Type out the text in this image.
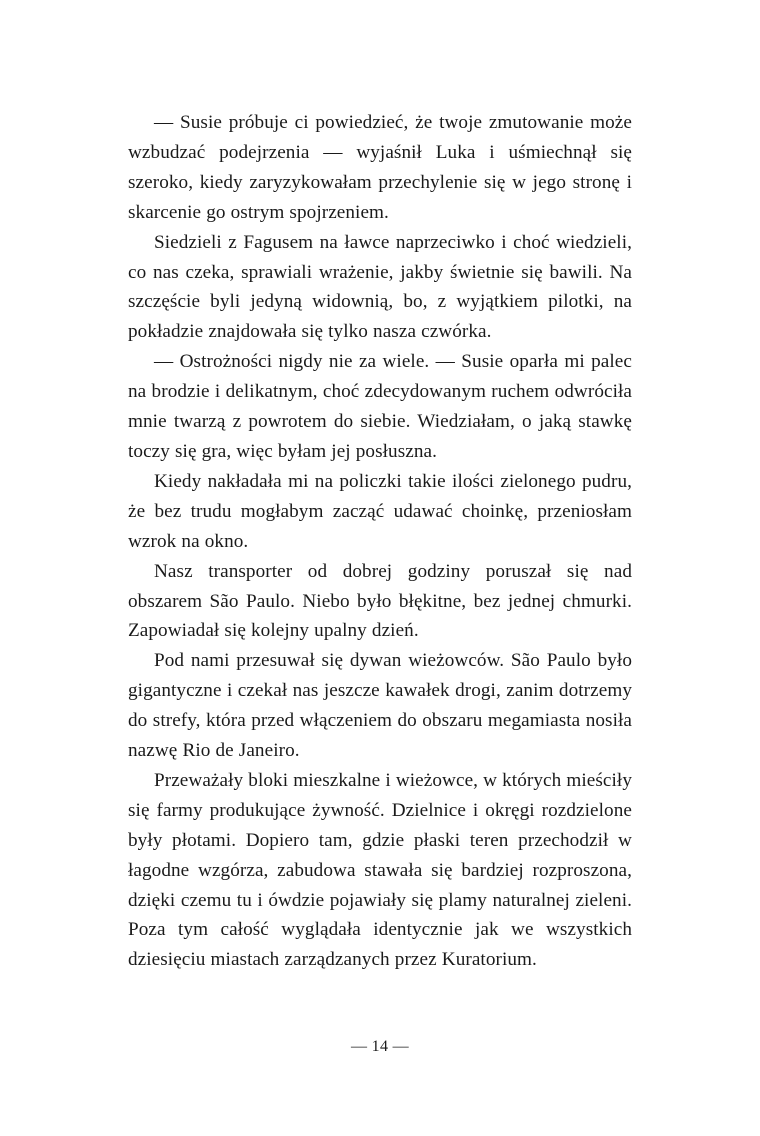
— Susie próbuje ci powiedzieć, że twoje zmutowanie może wzbudzać podejrzenia — wyjaśnił Luka i uśmiechnął się szeroko, kiedy zaryzykowałam przechylenie się w jego stronę i skarcenie go ostrym spojrzeniem.

Siedzieli z Fagusem na ławce naprzeciwko i choć wiedzieli, co nas czeka, sprawiali wrażenie, jakby świetnie się bawili. Na szczęście byli jedyną widownią, bo, z wyjątkiem pilotki, na pokładzie znajdowała się tylko nasza czwórka.

— Ostrożności nigdy nie za wiele. — Susie oparła mi palec na brodzie i delikatnym, choć zdecydowanym ruchem odwróciła mnie twarzą z powrotem do siebie. Wiedziałam, o jaką stawkę toczy się gra, więc byłam jej posłuszna.

Kiedy nakładała mi na policzki takie ilości zielonego pudru, że bez trudu mogłabym zacząć udawać choinkę, przeniosłam wzrok na okno.

Nasz transporter od dobrej godziny poruszał się nad obszarem São Paulo. Niebo było błękitne, bez jednej chmurki. Zapowiadał się kolejny upalny dzień.

Pod nami przesuwał się dywan wieżowców. São Paulo było gigantyczne i czekał nas jeszcze kawałek drogi, zanim dotrzemy do strefy, która przed włączeniem do obszaru megamiasta nosiła nazwę Rio de Janeiro.

Przeważały bloki mieszkalne i wieżowce, w których mieściły się farmy produkujące żywność. Dzielnice i okręgi rozdzielone były płotami. Dopiero tam, gdzie płaski teren przechodził w łagodne wzgórza, zabudowa stawała się bardziej rozproszona, dzięki czemu tu i ówdzie pojawiały się plamy naturalnej zieleni. Poza tym całość wyglądała identycznie jak we wszystkich dziesięciu miastach zarządzanych przez Kuratorium.

— 14 —
